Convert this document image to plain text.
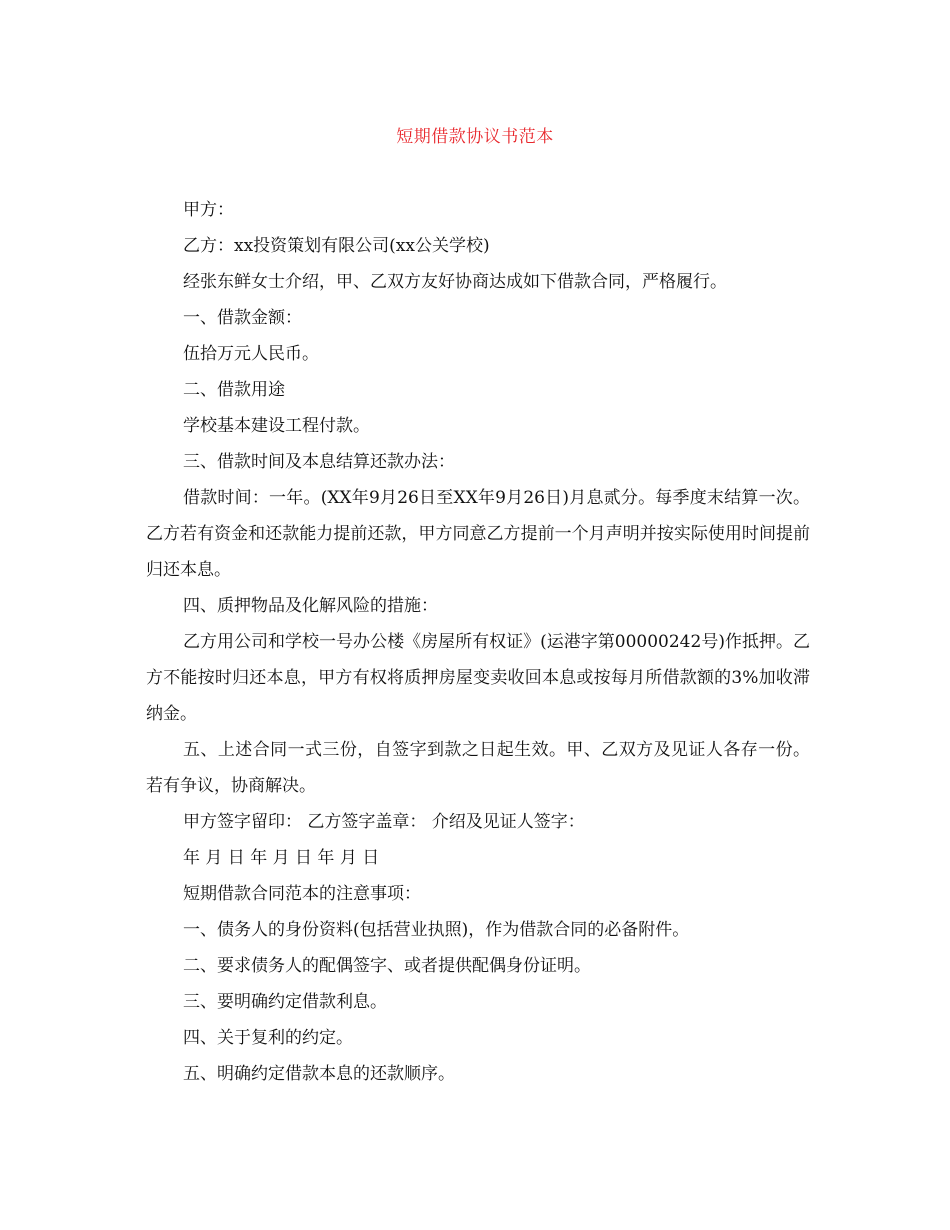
短期借款协议书范本

甲方：

乙方：xx投资策划有限公司(xx公关学校)

经张东鲜女士介绍，甲、乙双方友好协商达成如下借款合同，严格履行。

一、借款金额：

伍拾万元人民币。

二、借款用途

学校基本建设工程付款。

三、借款时间及本息结算还款办法：

借款时间：一年。(XX年9月26日至XX年9月26日)月息贰分。每季度末结算一次。乙方若有资金和还款能力提前还款，甲方同意乙方提前一个月声明并按实际使用时间提前归还本息。

四、质押物品及化解风险的措施：

乙方用公司和学校一号办公楼《房屋所有权证》(运港字第00000242号)作抵押。乙方不能按时归还本息，甲方有权将质押房屋变卖收回本息或按每月所借款额的3%加收滞纳金。

五、上述合同一式三份，自签字到款之日起生效。甲、乙双方及见证人各存一份。若有争议，协商解决。

甲方签字留印： 乙方签字盖章： 介绍及见证人签字：

年 月 日 年 月 日 年 月 日

短期借款合同范本的注意事项：

一、债务人的身份资料(包括营业执照)，作为借款合同的必备附件。

二、要求债务人的配偶签字、或者提供配偶身份证明。

三、要明确约定借款利息。

四、关于复利的约定。

五、明确约定借款本息的还款顺序。
